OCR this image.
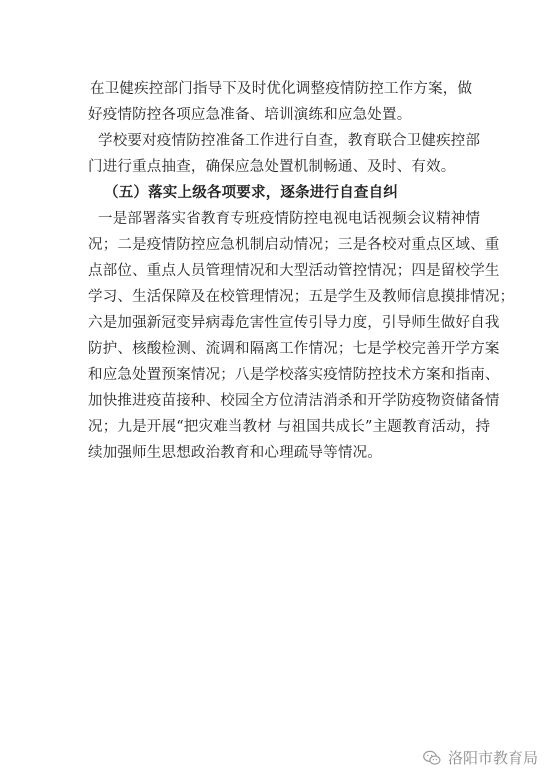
在卫健疾控部门指导下及时优化调整疫情防控工作方案，做
好疫情防控各项应急准备、培训演练和应急处置。

学校要对疫情防控准备工作进行自查，教育联合卫健疾控部
门进行重点抽查，确保应急处置机制畅通、及时、有效。

（五）落实上级各项要求，逐条进行自查自纠

一是部署落实省教育专班疫情防控电视电话视频会议精神情
况；二是疫情防控应急机制启动情况；三是各校对重点区域、重
点部位、重点人员管理情况和大型活动管控情况；四是留校学生
学习、生活保障及在校管理情况；五是学生及教师信息摸排情况；
六是加强新冠变异病毒危害性宣传引导力度，引导师生做好自我
防护、核酸检测、流调和隔离工作情况；七是学校完善开学方案
和应急处置预案情况；八是学校落实疫情防控技术方案和指南、
加快推进疫苗接种、校园全方位清洁消杀和开学防疫物资储备情
况；九是开展“把灾难当教材 与祖国共成长”主题教育活动，持
续加强师生思想政治教育和心理疏导等情况。

洛阳市教育局
